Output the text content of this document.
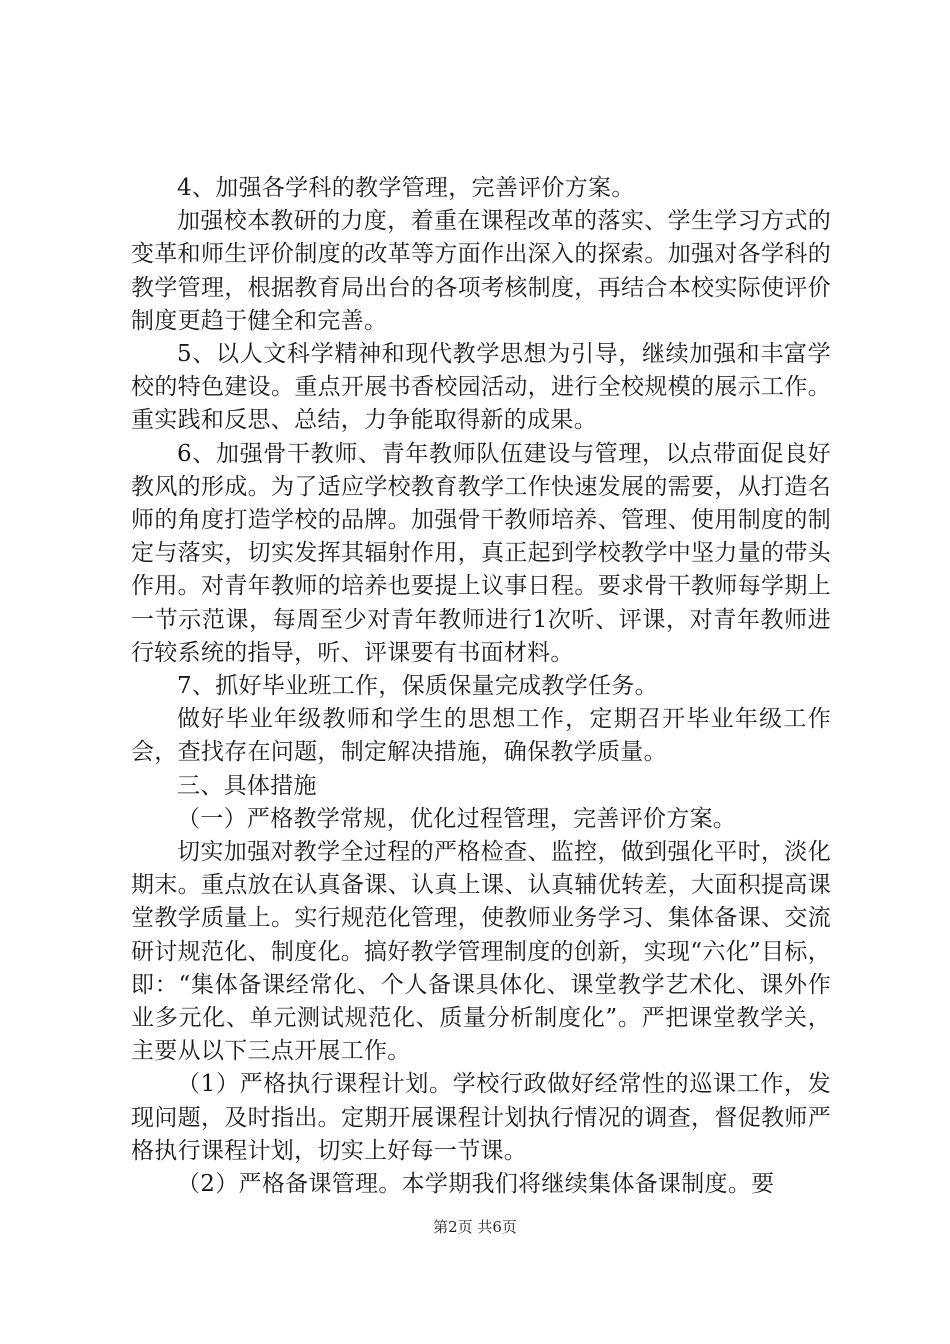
4、加强各学科的教学管理，完善评价方案。

加强校本教研的力度，着重在课程改革的落实、学生学习方式的变革和师生评价制度的改革等方面作出深入的探索。加强对各学科的教学管理，根据教育局出台的各项考核制度，再结合本校实际使评价制度更趋于健全和完善。

5、以人文科学精神和现代教学思想为引导，继续加强和丰富学校的特色建设。重点开展书香校园活动，进行全校规模的展示工作。重实践和反思、总结，力争能取得新的成果。

6、加强骨干教师、青年教师队伍建设与管理，以点带面促良好教风的形成。为了适应学校教育教学工作快速发展的需要，从打造名师的角度打造学校的品牌。加强骨干教师培养、管理、使用制度的制定与落实，切实发挥其辐射作用，真正起到学校教学中坚力量的带头作用。对青年教师的培养也要提上议事日程。要求骨干教师每学期上一节示范课，每周至少对青年教师进行1次听、评课，对青年教师进行较系统的指导，听、评课要有书面材料。

7、抓好毕业班工作，保质保量完成教学任务。

做好毕业年级教师和学生的思想工作，定期召开毕业年级工作会，查找存在问题，制定解决措施，确保教学质量。

三、具体措施

（一）严格教学常规，优化过程管理，完善评价方案。

切实加强对教学全过程的严格检查、监控，做到强化平时，淡化期末。重点放在认真备课、认真上课、认真辅优转差，大面积提高课堂教学质量上。实行规范化管理，使教师业务学习、集体备课、交流研讨规范化、制度化。搞好教学管理制度的创新，实现“六化”目标，即：“集体备课经常化、个人备课具体化、课堂教学艺术化、课外作业多元化、单元测试规范化、质量分析制度化”。严把课堂教学关，主要从以下三点开展工作。

（1）严格执行课程计划。学校行政做好经常性的巡课工作，发现问题，及时指出。定期开展课程计划执行情况的调查，督促教师严格执行课程计划，切实上好每一节课。

（2）严格备课管理。本学期我们将继续集体备课制度。要

第2页 共6页
